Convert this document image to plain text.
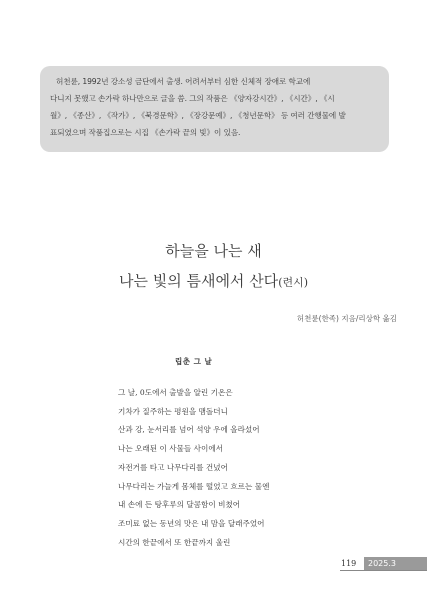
허천륜, 1992년 강소성 금단에서 출생. 어려서부터 심한 신체적 장애로 학교에
다니지 못했고 손가락 하나만으로 글을 씀. 그의 작품은 《양자강시간》, 《시간》, 《시
월》, 《종산》, 《작가》, 《북경문학》, 《장강문예》, 《청년문학》 등 여러 간행물에 발
표되였으며 작품집으로는 시집 《손가락 끝의 빛》이 있음.
하늘을 나는 새
나는 빛의 틈새에서 산다(련시)
허천륜(한족) 지음/리상학 옮김
립춘 그 날
그 날, 0도에서 출발을 알린 기온은
기차가 질주하는 평원을 맴돌더니
산과 강, 눈서리를 넘어 석양 우에 올라섰어
나는 오래된 이 사물들 사이에서
자전거를 타고 나무다리를 건넜어
나무다리는 가늘게 몸체를 떨었고 흐르는 물엔
내 손에 든 탕후루의 달콤함이 비쳤어
조미료 없는 동년의 맛은 내 맘을 달래주었어
시간의 한끝에서 또 한끝까지 울린
119	2025.3
